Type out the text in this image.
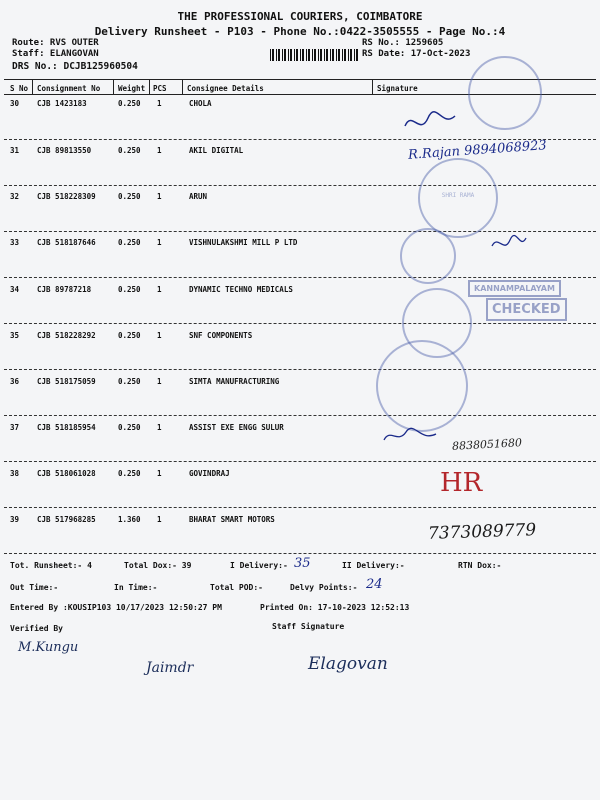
THE PROFESSIONAL COURIERS, COIMBATORE
Delivery Runsheet - P103 - Phone No.:0422-3505555 - Page No.:4
Route: RVS OUTER
Staff: ELANGOVAN
RS No.: 1259605
RS Date: 17-Oct-2023
DRS No.: DCJB125960504
S No Consignment No Weight PCS	Consignee Details	Signature
30 CJB 1423183	0.250 1	CHOLA
31 CJB 89813550	0.250 1	AKIL DIGITAL
32 CJB 518228309	0.250 1	ARUN
33 CJB 518187646	0.250 1	VISHNULAKSHMI MILL P LTD
34 CJB 89787218	0.250 1	DYNAMIC TECHNO MEDICALS
35 CJB 518228292	0.250 1	SNF COMPONENTS
36 CJB 518175059	0.250 1	SIMTA MANUFRACTURING
37 CJB 518185954	0.250 1	ASSIST EXE ENGG SULUR
38 CJB 518061028	0.250 1	GOVINDRAJ
39 CJB 517968285	1.360 1	BHARAT SMART MOTORS
SHRI RAMA
KANNAMPALAYAM
CHECKED
R.Rajan 9894068923
8838051680
HR
7373089779
Tot. Runsheet:- 4	Total Dox:- 39	I Delivery:- 35	II Delivery:-	RTN Dox:-
Out Time:-	In Time:-	Total POD:-	Delvy Points:- 24
Entered By :KOUSIP103 10/17/2023 12:50:27 PM	Printed On: 17-10-2023 12:52:13
Verified By	Staff Signature
M.Kungu
Jaimdr	Elagovan
